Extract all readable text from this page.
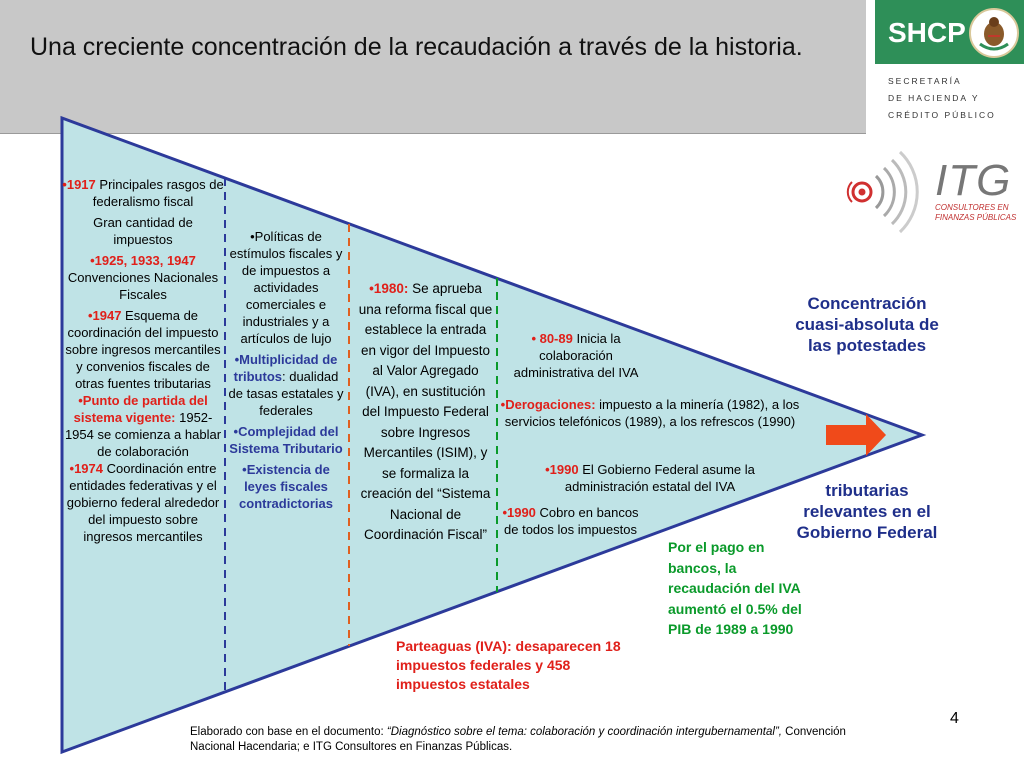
Una creciente concentración de la recaudación a través de la historia.	SHCP
SECRETARÍA
DE HACIENDA Y
CRÉDITO PÚBLICO
ITG
CONSULTORES EN
FINANZAS PÚBLICAS

•1917 Principales rasgos de federalismo fiscal

Gran cantidad de impuestos

•1925, 1933, 1947 Convenciones Nacionales Fiscales

•1947 Esquema de coordinación del impuesto sobre ingresos mercantiles y convenios fiscales de otras fuentes tributarias

•Punto de partida del sistema vigente: 1952-1954 se comienza a hablar de colaboración

•1974 Coordinación entre entidades federativas y el gobierno federal alrededor del impuesto sobre ingresos mercantiles

•Políticas de estímulos fiscales y de impuestos a actividades comerciales e industriales y a artículos de lujo

•Multiplicidad de tributos: dualidad de tasas estatales y federales

•Complejidad del Sistema Tributario

•Existencia de leyes fiscales contradictorias

•1980: Se aprueba una reforma fiscal que establece la entrada en vigor del Impuesto al Valor Agregado (IVA), en sustitución del Impuesto Federal sobre Ingresos Mercantiles (ISIM), y se formaliza la creación del “Sistema Nacional de Coordinación Fiscal”

• 80-89 Inicia la colaboración administrativa del IVA

•Derogaciones: impuesto a la minería (1982), a los servicios telefónicos (1989), a los refrescos (1990)

•1990 El Gobierno Federal asume la administración estatal del IVA

•1990 Cobro en bancos de todos los impuestos

Concentración cuasi-absoluta de las potestades
tributarias relevantes en el Gobierno Federal
Por el pago en bancos, la recaudación del IVA aumentó el 0.5% del PIB de 1989 a 1990
Parteaguas (IVA): desaparecen 18 impuestos federales y 458 impuestos estatales
4
Elaborado con base en el documento: “Diagnóstico sobre el tema: colaboración y coordinación intergubernamental”, Convención Nacional Hacendaria; e ITG Consultores en Finanzas Públicas.
